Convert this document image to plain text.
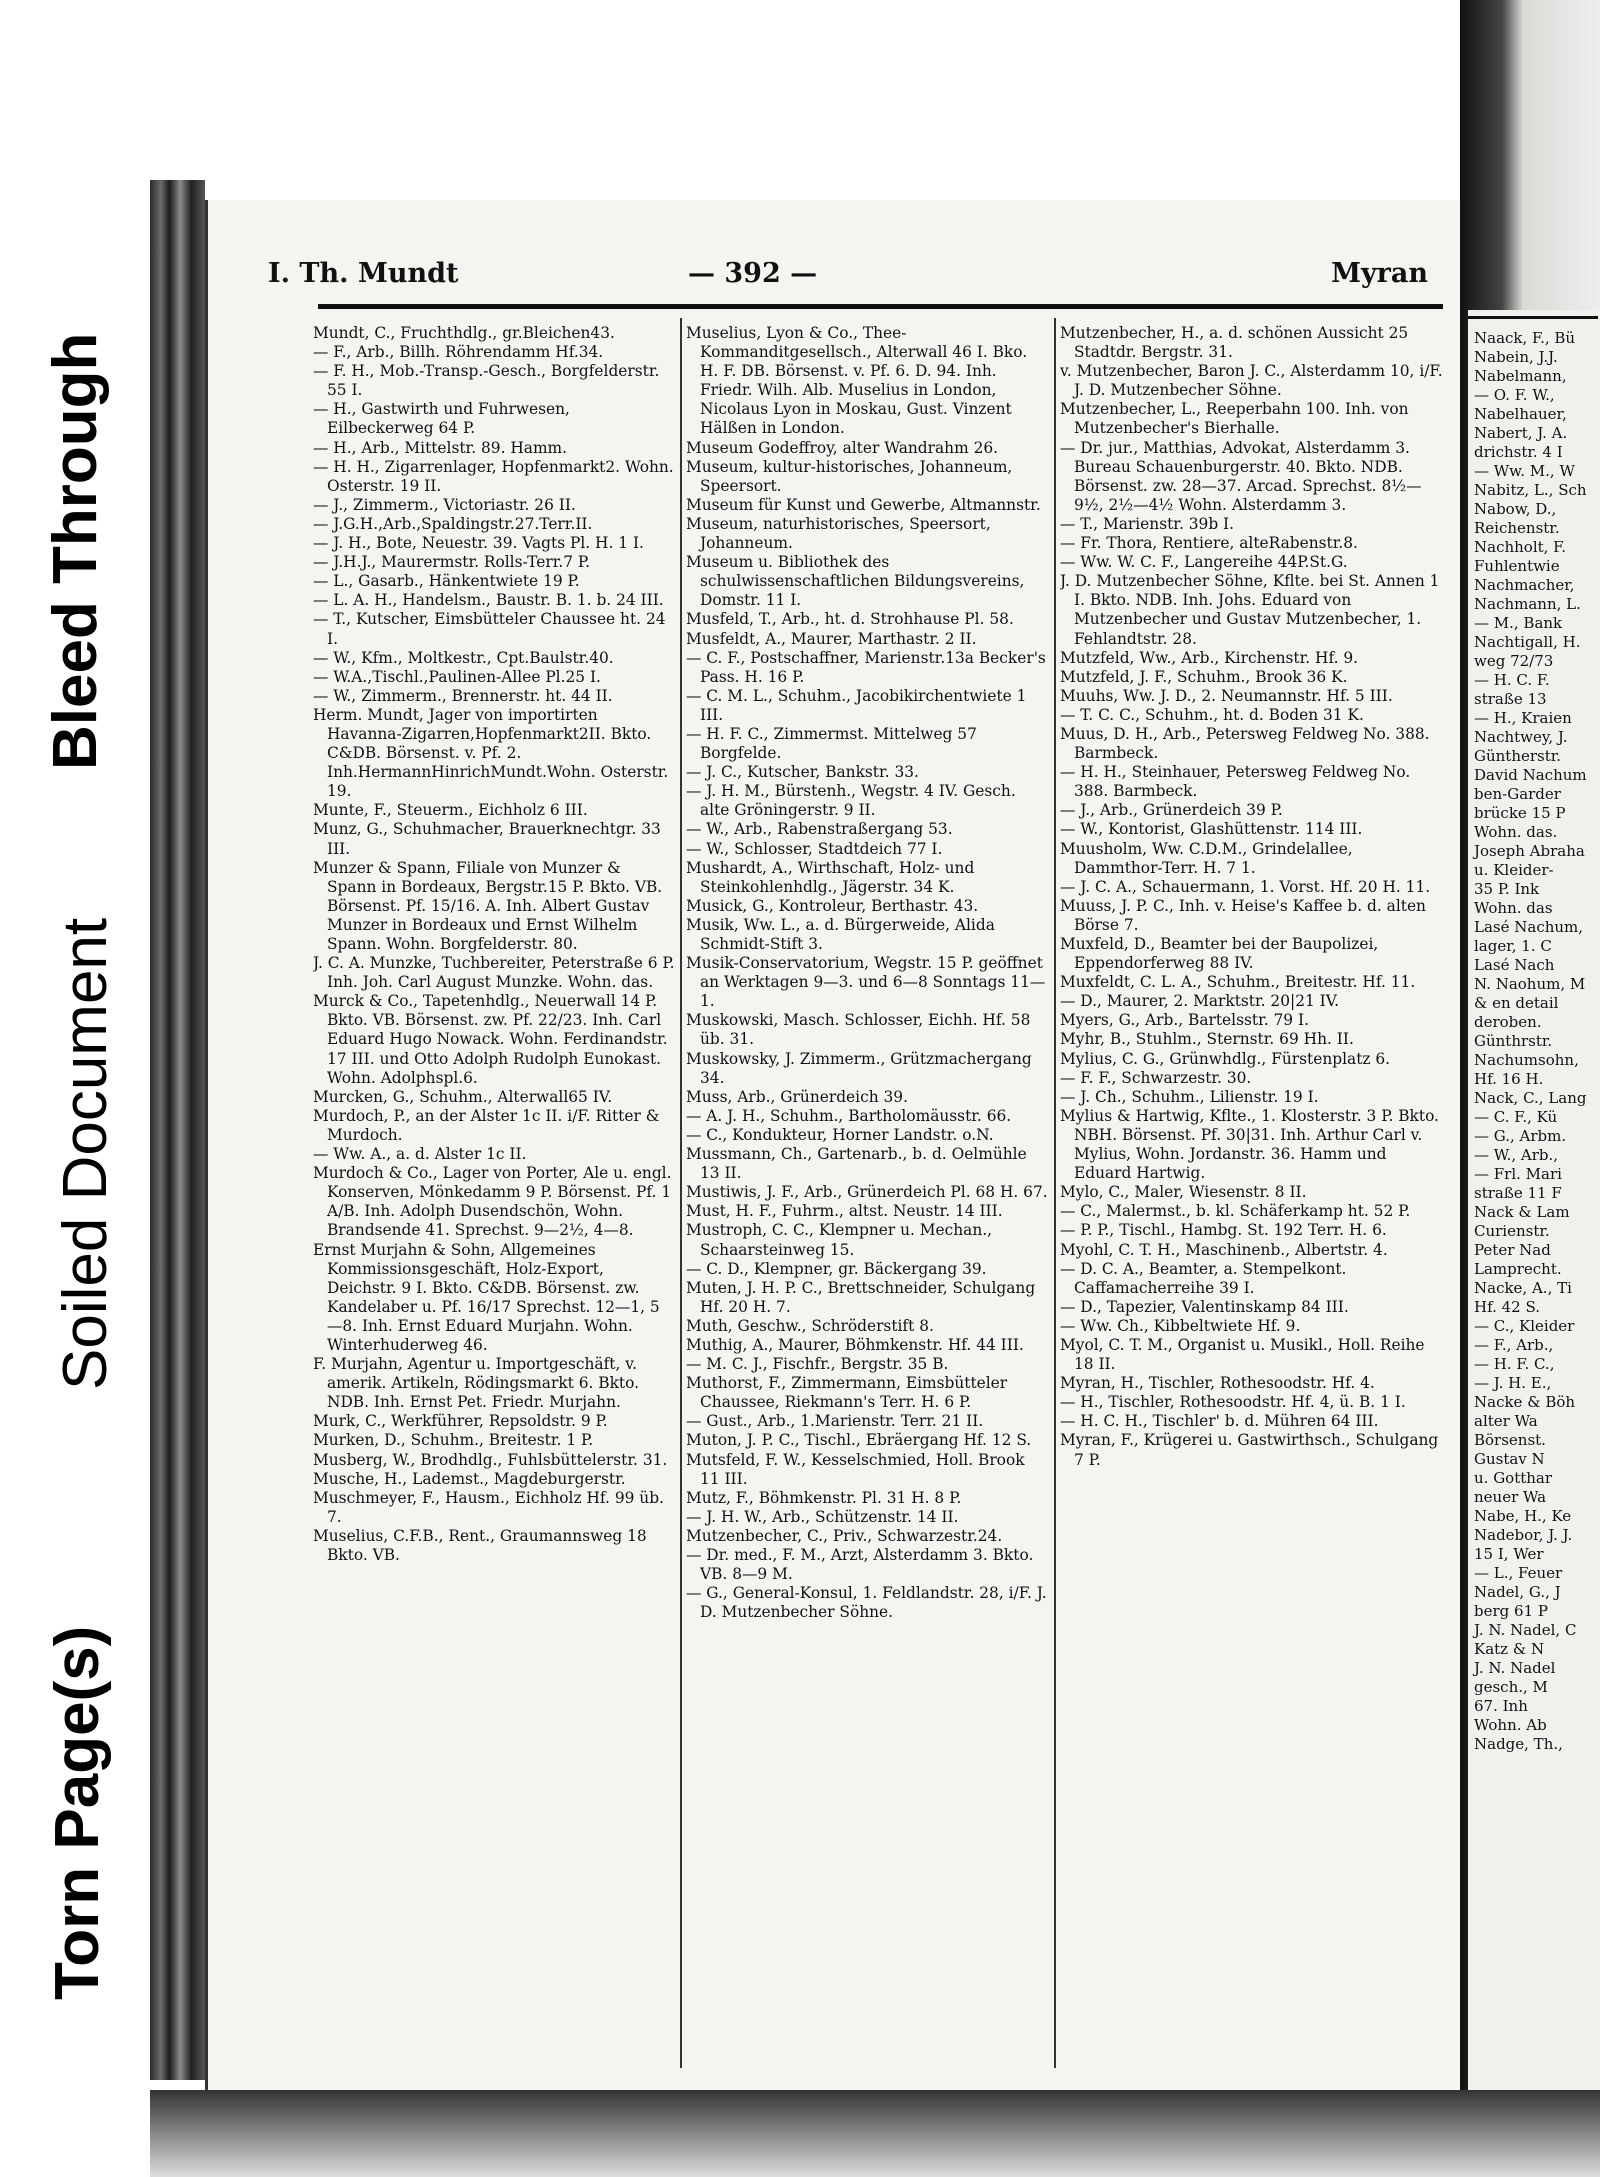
Bleed Through
Soiled Document
Torn Page(s)
I. Th. Mundt	— 392 —	Myran

Mundt, C., Fruchthdlg., gr.Bleichen43.

— F., Arb., Billh. Röhrendamm Hf.34.

— F. H., Mob.-Transp.-Gesch., Borgfelderstr. 55 I.

— H., Gastwirth und Fuhrwesen, Eilbeckerweg 64 P.

— H., Arb., Mittelstr. 89. Hamm.

— H. H., Zigarrenlager, Hopfenmarkt2. Wohn. Osterstr. 19 II.

— J., Zimmerm., Victoriastr. 26 II.

— J.G.H.,Arb.,Spaldingstr.27.Terr.II.

— J. H., Bote, Neuestr. 39. Vagts Pl. H. 1 I.

— J.H.J., Maurermstr. Rolls-Terr.7 P.

— L., Gasarb., Hänkentwiete 19 P.

— L. A. H., Handelsm., Baustr. B. 1. b. 24 III.

— T., Kutscher, Eimsbütteler Chaussee ht. 24 I.

— W., Kfm., Moltkestr., Cpt.Baulstr.40.

— W.A.,Tischl.,Paulinen-Allee Pl.25 I.

— W., Zimmerm., Brennerstr. ht. 44 II.

Herm. Mundt, Jager von importirten Havanna-Zigarren,Hopfenmarkt2II. Bkto. C&DB. Börsenst. v. Pf. 2. Inh.HermannHinrichMundt.Wohn. Osterstr. 19.

Munte, F., Steuerm., Eichholz 6 III.

Munz, G., Schuhmacher, Brauerknechtgr. 33 III.

Munzer & Spann, Filiale von Munzer & Spann in Bordeaux, Bergstr.15 P. Bkto. VB. Börsenst. Pf. 15/16. A. Inh. Albert Gustav Munzer in Bordeaux und Ernst Wilhelm Spann. Wohn. Borgfelderstr. 80.

J. C. A. Munzke, Tuchbereiter, Peterstraße 6 P. Inh. Joh. Carl August Munzke. Wohn. das.

Murck & Co., Tapetenhdlg., Neuerwall 14 P. Bkto. VB. Börsenst. zw. Pf. 22/23. Inh. Carl Eduard Hugo Nowack. Wohn. Ferdinandstr. 17 III. und Otto Adolph Rudolph Eunokast. Wohn. Adolphspl.6.

Murcken, G., Schuhm., Alterwall65 IV.

Murdoch, P., an der Alster 1c II. i/F. Ritter & Murdoch.

— Ww. A., a. d. Alster 1c II.

Murdoch & Co., Lager von Porter, Ale u. engl. Konserven, Mönkedamm 9 P. Börsenst. Pf. 1 A/B. Inh. Adolph Dusendschön, Wohn. Brandsende 41. Sprechst. 9—2½, 4—8.

Ernst Murjahn & Sohn, Allgemeines Kommissionsgeschäft, Holz-Export, Deichstr. 9 I. Bkto. C&DB. Börsenst. zw. Kandelaber u. Pf. 16/17 Sprechst. 12—1, 5—8. Inh. Ernst Eduard Murjahn. Wohn. Winterhuderweg 46.

F. Murjahn, Agentur u. Importgeschäft, v. amerik. Artikeln, Rödingsmarkt 6. Bkto. NDB. Inh. Ernst Pet. Friedr. Murjahn.

Murk, C., Werkführer, Repsoldstr. 9 P.

Murken, D., Schuhm., Breitestr. 1 P.

Musberg, W., Brodhdlg., Fuhlsbüttelerstr. 31.

Musche, H., Lademst., Magdeburgerstr.

Muschmeyer, F., Hausm., Eichholz Hf. 99 üb. 7.

Muselius, C.F.B., Rent., Graumannsweg 18 Bkto. VB.

Muselius, Lyon & Co., Thee-Kommanditgesellsch., Alterwall 46 I. Bko. H. F. DB. Börsenst. v. Pf. 6. D. 94. Inh. Friedr. Wilh. Alb. Muselius in London, Nicolaus Lyon in Moskau, Gust. Vinzent Hälßen in London.

Museum Godeffroy, alter Wandrahm 26.

Museum, kultur-historisches, Johanneum, Speersort.

Museum für Kunst und Gewerbe, Altmannstr.

Museum, naturhistorisches, Speersort, Johanneum.

Museum u. Bibliothek des schulwissenschaftlichen Bildungsvereins, Domstr. 11 I.

Musfeld, T., Arb., ht. d. Strohhause Pl. 58.

Musfeldt, A., Maurer, Marthastr. 2 II.

— C. F., Postschaffner, Marienstr.13a Becker's Pass. H. 16 P.

— C. M. L., Schuhm., Jacobikirchentwiete 1 III.

— H. F. C., Zimmermst. Mittelweg 57 Borgfelde.

— J. C., Kutscher, Bankstr. 33.

— J. H. M., Bürstenh., Wegstr. 4 IV. Gesch. alte Gröningerstr. 9 II.

— W., Arb., Rabenstraßergang 53.

— W., Schlosser, Stadtdeich 77 I.

Mushardt, A., Wirthschaft, Holz- und Steinkohlenhdlg., Jägerstr. 34 K.

Musick, G., Kontroleur, Berthastr. 43.

Musik, Ww. L., a. d. Bürgerweide, Alida Schmidt-Stift 3.

Musik-Conservatorium, Wegstr. 15 P. geöffnet an Werktagen 9—3. und 6—8 Sonntags 11—1.

Muskowski, Masch. Schlosser, Eichh. Hf. 58 üb. 31.

Muskowsky, J. Zimmerm., Grützmachergang 34.

Muss, Arb., Grünerdeich 39.

— A. J. H., Schuhm., Bartholomäusstr. 66.

— C., Kondukteur, Horner Landstr. o.N.

Mussmann, Ch., Gartenarb., b. d. Oelmühle 13 II.

Mustiwis, J. F., Arb., Grünerdeich Pl. 68 H. 67.

Must, H. F., Fuhrm., altst. Neustr. 14 III.

Mustroph, C. C., Klempner u. Mechan., Schaarsteinweg 15.

— C. D., Klempner, gr. Bäckergang 39.

Muten, J. H. P. C., Brettschneider, Schulgang Hf. 20 H. 7.

Muth, Geschw., Schröderstift 8.

Muthig, A., Maurer, Böhmkenstr. Hf. 44 III.

— M. C. J., Fischfr., Bergstr. 35 B.

Muthorst, F., Zimmermann, Eimsbütteler Chaussee, Riekmann's Terr. H. 6 P.

— Gust., Arb., 1.Marienstr. Terr. 21 II.

Muton, J. P. C., Tischl., Ebräergang Hf. 12 S.

Mutsfeld, F. W., Kesselschmied, Holl. Brook 11 III.

Mutz, F., Böhmkenstr. Pl. 31 H. 8 P.

— J. H. W., Arb., Schützenstr. 14 II.

Mutzenbecher, C., Priv., Schwarzestr.24.

— Dr. med., F. M., Arzt, Alsterdamm 3. Bkto. VB. 8—9 M.

— G., General-Konsul, 1. Feldlandstr. 28, i/F. J. D. Mutzenbecher Söhne.

Mutzenbecher, H., a. d. schönen Aussicht 25 Stadtdr. Bergstr. 31.

v. Mutzenbecher, Baron J. C., Alsterdamm 10, i/F. J. D. Mutzenbecher Söhne.

Mutzenbecher, L., Reeperbahn 100. Inh. von Mutzenbecher's Bierhalle.

— Dr. jur., Matthias, Advokat, Alsterdamm 3. Bureau Schauenburgerstr. 40. Bkto. NDB. Börsenst. zw. 28—37. Arcad. Sprechst. 8½—9½, 2½—4½ Wohn. Alsterdamm 3.

— T., Marienstr. 39b I.

— Fr. Thora, Rentiere, alteRabenstr.8.

— Ww. W. C. F., Langereihe 44P.St.G.

J. D. Mutzenbecher Söhne, Kflte. bei St. Annen 1 I. Bkto. NDB. Inh. Johs. Eduard von Mutzenbecher und Gustav Mutzenbecher, 1. Fehlandtstr. 28.

Mutzfeld, Ww., Arb., Kirchenstr. Hf. 9.

Mutzfeld, J. F., Schuhm., Brook 36 K.

Muuhs, Ww. J. D., 2. Neumannstr. Hf. 5 III.

— T. C. C., Schuhm., ht. d. Boden 31 K.

Muus, D. H., Arb., Petersweg Feldweg No. 388. Barmbeck.

— H. H., Steinhauer, Petersweg Feldweg No. 388. Barmbeck.

— J., Arb., Grünerdeich 39 P.

— W., Kontorist, Glashüttenstr. 114 III.

Muusholm, Ww. C.D.M., Grindelallee, Dammthor-Terr. H. 7 1.

— J. C. A., Schauermann, 1. Vorst. Hf. 20 H. 11.

Muuss, J. P. C., Inh. v. Heise's Kaffee b. d. alten Börse 7.

Muxfeld, D., Beamter bei der Baupolizei, Eppendorferweg 88 IV.

Muxfeldt, C. L. A., Schuhm., Breitestr. Hf. 11.

— D., Maurer, 2. Marktstr. 20|21 IV.

Myers, G., Arb., Bartelsstr. 79 I.

Myhr, B., Stuhlm., Sternstr. 69 Hh. II.

Mylius, C. G., Grünwhdlg., Fürstenplatz 6.

— F. F., Schwarzestr. 30.

— J. Ch., Schuhm., Lilienstr. 19 I.

Mylius & Hartwig, Kflte., 1. Klosterstr. 3 P. Bkto. NBH. Börsenst. Pf. 30|31. Inh. Arthur Carl v. Mylius, Wohn. Jordanstr. 36. Hamm und Eduard Hartwig.

Mylo, C., Maler, Wiesenstr. 8 II.

— C., Malermst., b. kl. Schäferkamp ht. 52 P.

— P. P., Tischl., Hambg. St. 192 Terr. H. 6.

Myohl, C. T. H., Maschinenb., Albertstr. 4.

— D. C. A., Beamter, a. Stempelkont. Caffamacherreihe 39 I.

— D., Tapezier, Valentinskamp 84 III.

— Ww. Ch., Kibbeltwiete Hf. 9.

Myol, C. T. M., Organist u. Musikl., Holl. Reihe 18 II.

Myran, H., Tischler, Rothesoodstr. Hf. 4.

— H., Tischler, Rothesoodstr. Hf. 4, ü. B. 1 I.

— H. C. H., Tischler' b. d. Mühren 64 III.

Myran, F., Krügerei u. Gastwirthsch., Schulgang 7 P.

Naack, F., Bü
Nabein, J.J.
Nabelmann,
— O. F. W.,
Nabelhauer,
Nabert, J. A.
drichstr. 4 I
— Ww. M., W
Nabitz, L., Sch
Nabow, D.,
Reichenstr.
Nachholt, F.
Fuhlentwie
Nachmacher,
Nachmann, L.
— M., Bank
Nachtigall, H.
weg 72/73
— H. C. F.
straße 13
— H., Kraien
Nachtwey, J.
Güntherstr.
David Nachum
ben-Garder
brücke 15 P
Wohn. das.
Joseph Abraha
u. Kleider-
35 P. Ink
Wohn. das
Lasé Nachum,
lager, 1. C
Lasé Nach
N. Naohum, M
& en detail
deroben.
Günthrstr.
Nachumsohn,
Hf. 16 H.
Nack, C., Lang
— C. F., Kü
— G., Arbm.
— W., Arb.,
— Frl. Mari
straße 11 F
Nack & Lam
Curienstr.
Peter Nad
Lamprecht.
Nacke, A., Ti
Hf. 42 S.
— C., Kleider
— F., Arb.,
— H. F. C.,
— J. H. E.,
Nacke & Böh
alter Wa
Börsenst.
Gustav N
u. Gotthar
neuer Wa
Nabe, H., Ke
Nadebor, J. J.
15 I, Wer
— L., Feuer
Nadel, G., J
berg 61 P
J. N. Nadel, C
Katz & N
J. N. Nadel
gesch., M
67. Inh
Wohn. Ab
Nadge, Th.,
